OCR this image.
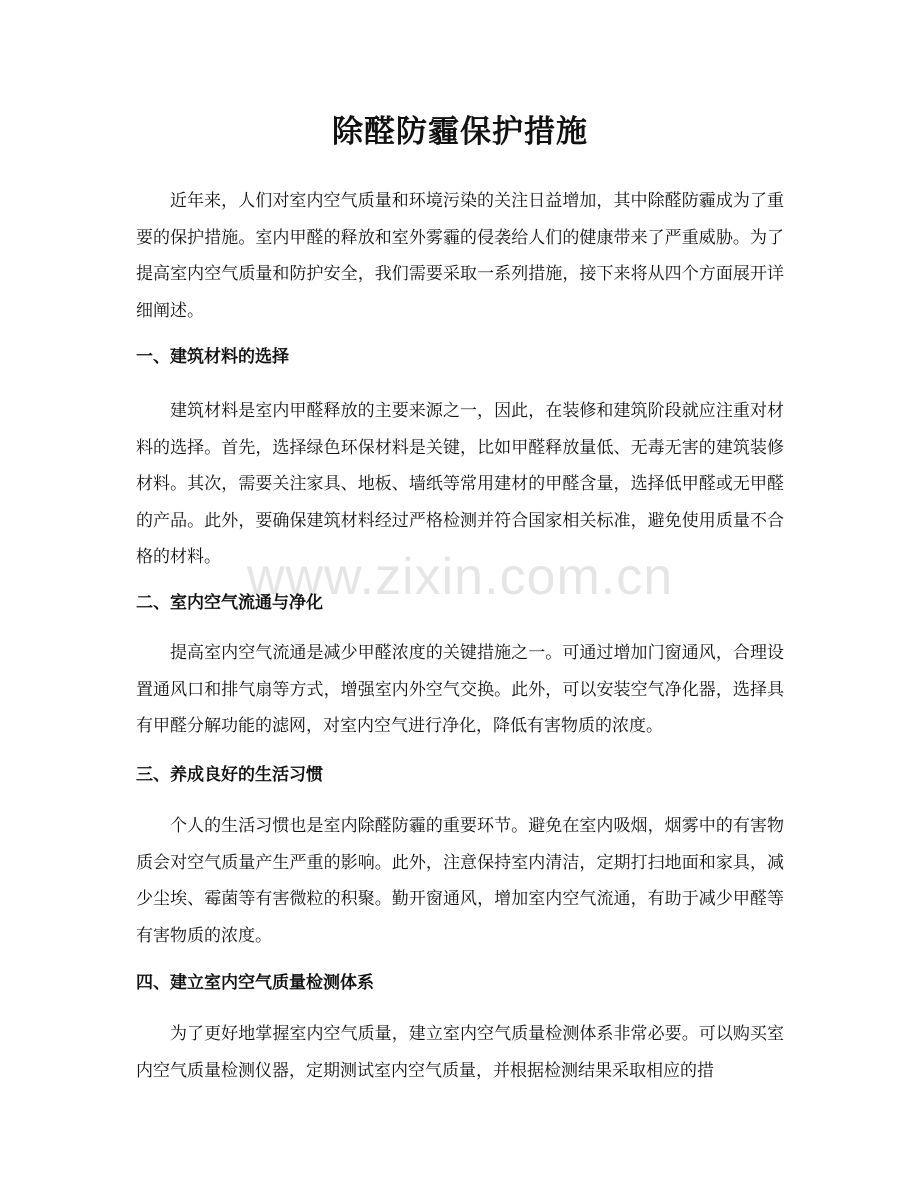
除醛防霾保护措施

近年来，人们对室内空气质量和环境污染的关注日益增加，其中除醛防霾成为了重要的保护措施。室内甲醛的释放和室外雾霾的侵袭给人们的健康带来了严重威胁。为了提高室内空气质量和防护安全，我们需要采取一系列措施，接下来将从四个方面展开详细阐述。

一、建筑材料的选择

建筑材料是室内甲醛释放的主要来源之一，因此，在装修和建筑阶段就应注重对材料的选择。首先，选择绿色环保材料是关键，比如甲醛释放量低、无毒无害的建筑装修材料。其次，需要关注家具、地板、墙纸等常用建材的甲醛含量，选择低甲醛或无甲醛的产品。此外，要确保建筑材料经过严格检测并符合国家相关标准，避免使用质量不合格的材料。

二、室内空气流通与净化

提高室内空气流通是减少甲醛浓度的关键措施之一。可通过增加门窗通风，合理设置通风口和排气扇等方式，增强室内外空气交换。此外，可以安装空气净化器，选择具有甲醛分解功能的滤网，对室内空气进行净化，降低有害物质的浓度。

三、养成良好的生活习惯

个人的生活习惯也是室内除醛防霾的重要环节。避免在室内吸烟，烟雾中的有害物质会对空气质量产生严重的影响。此外，注意保持室内清洁，定期打扫地面和家具，减少尘埃、霉菌等有害微粒的积聚。勤开窗通风，增加室内空气流通，有助于减少甲醛等有害物质的浓度。

四、建立室内空气质量检测体系

为了更好地掌握室内空气质量，建立室内空气质量检测体系非常必要。可以购买室内空气质量检测仪器，定期测试室内空气质量，并根据检测结果采取相应的措

www.zixin.com.cn
